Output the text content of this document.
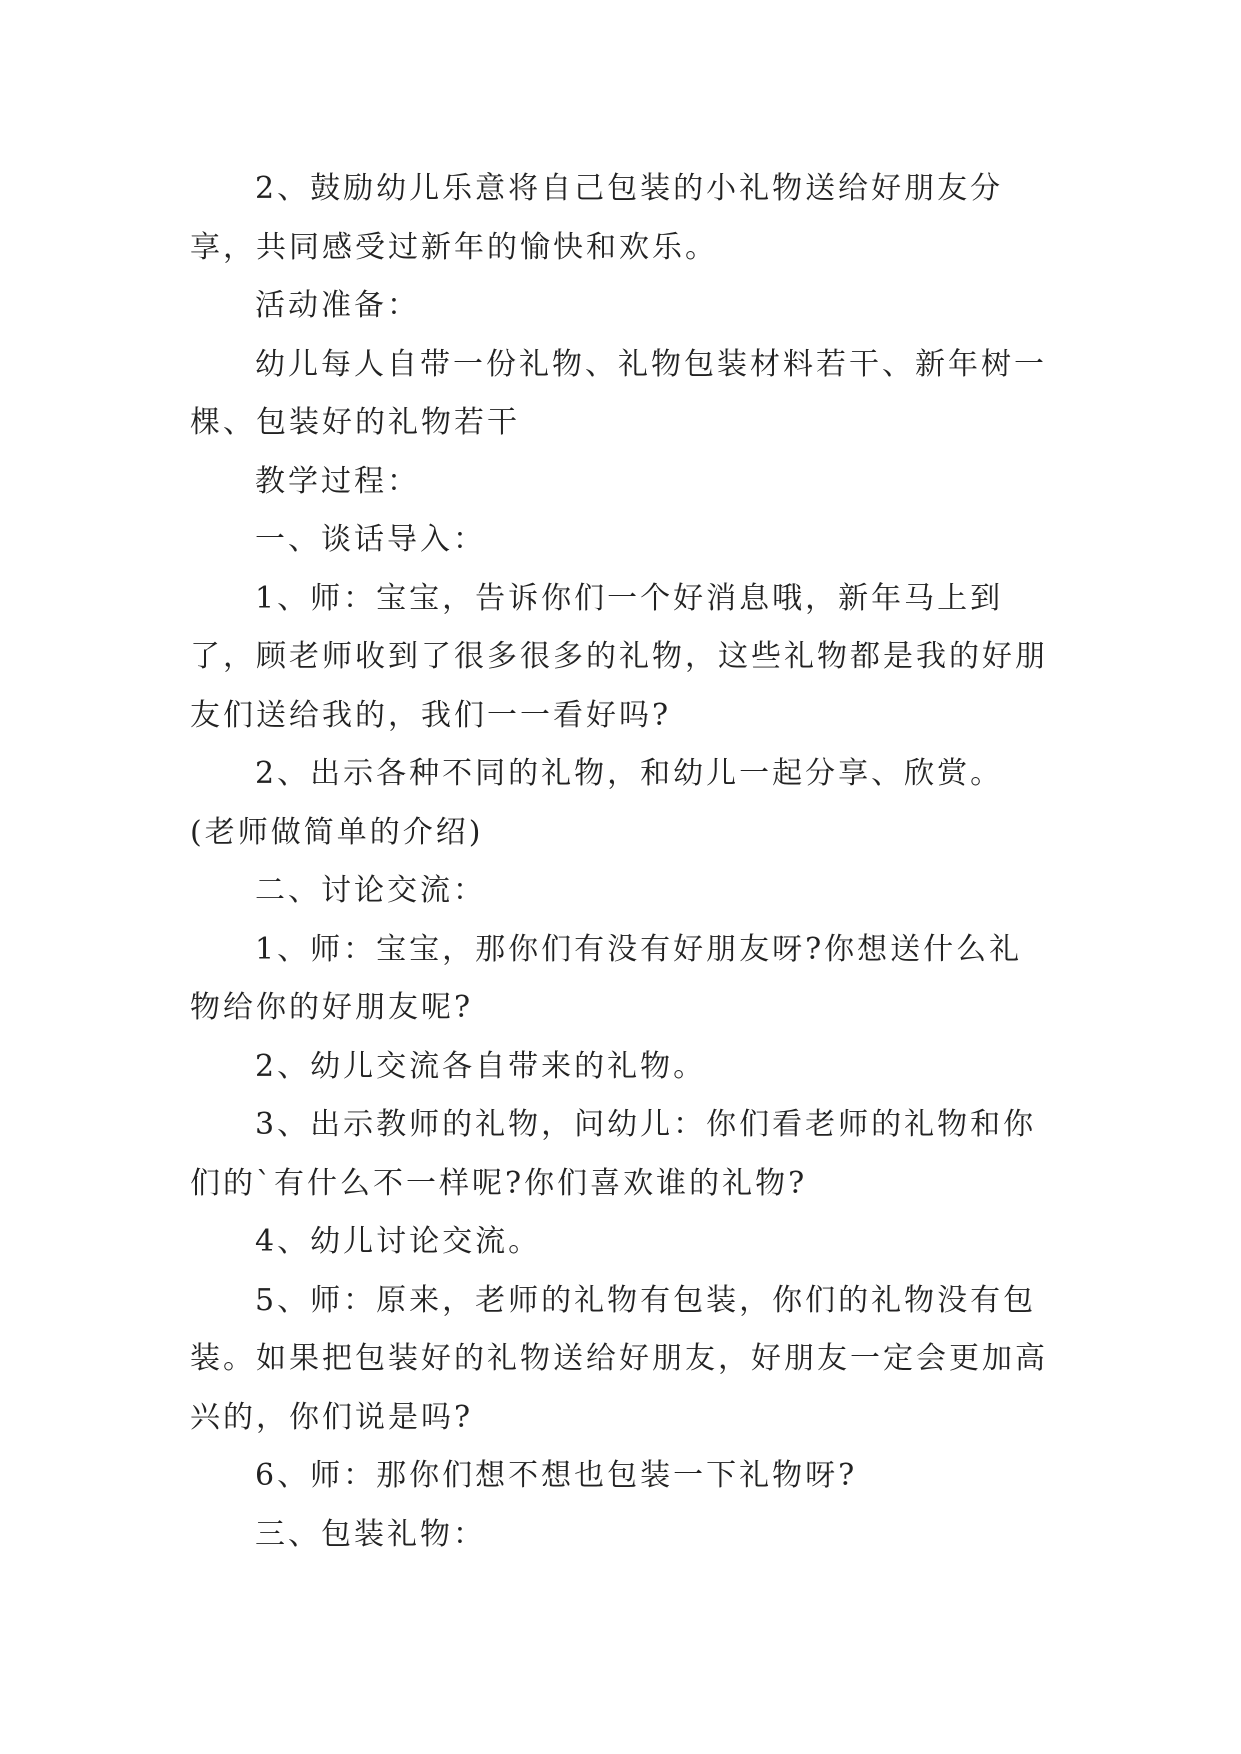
2、鼓励幼儿乐意将自己包装的小礼物送给好朋友分享，共同感受过新年的愉快和欢乐。

活动准备：

幼儿每人自带一份礼物、礼物包装材料若干、新年树一棵、包装好的礼物若干

教学过程：

一、谈话导入：

1、师：宝宝，告诉你们一个好消息哦，新年马上到了，顾老师收到了很多很多的礼物，这些礼物都是我的好朋友们送给我的，我们一一看好吗?

2、出示各种不同的礼物，和幼儿一起分享、欣赏。(老师做简单的介绍)

二、讨论交流：

1、师：宝宝，那你们有没有好朋友呀?你想送什么礼物给你的好朋友呢?

2、幼儿交流各自带来的礼物。

3、出示教师的礼物，问幼儿：你们看老师的礼物和你们的`有什么不一样呢?你们喜欢谁的礼物?

4、幼儿讨论交流。

5、师：原来，老师的礼物有包装，你们的礼物没有包装。如果把包装好的礼物送给好朋友，好朋友一定会更加高兴的，你们说是吗?

6、师：那你们想不想也包装一下礼物呀?

三、包装礼物：
